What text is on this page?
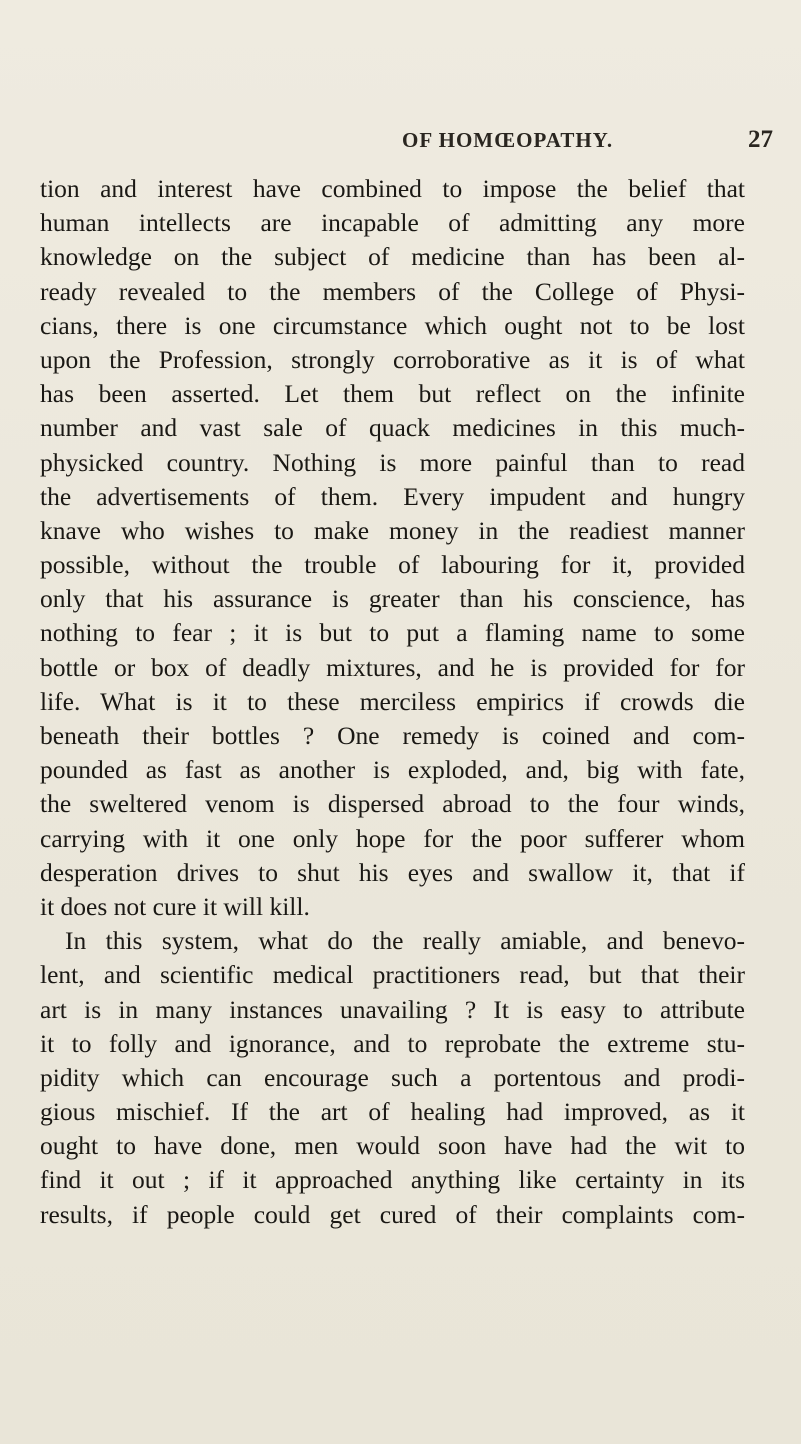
OF HOMŒOPATHY.	27
tion and interest have combined to impose the belief that
human intellects are incapable of admitting any more
knowledge on the subject of medicine than has been al-
ready revealed to the members of the College of Physi-
cians, there is one circumstance which ought not to be lost
upon the Profession, strongly corroborative as it is of what
has been asserted. Let them but reflect on the infinite
number and vast sale of quack medicines in this much-
physicked country. Nothing is more painful than to read
the advertisements of them. Every impudent and hungry
knave who wishes to make money in the readiest manner
possible, without the trouble of labouring for it, provided
only that his assurance is greater than his conscience, has
nothing to fear ; it is but to put a flaming name to some
bottle or box of deadly mixtures, and he is provided for for
life. What is it to these merciless empirics if crowds die
beneath their bottles ? One remedy is coined and com-
pounded as fast as another is exploded, and, big with fate,
the sweltered venom is dispersed abroad to the four winds,
carrying with it one only hope for the poor sufferer whom
desperation drives to shut his eyes and swallow it, that if
it does not cure it will kill.
In this system, what do the really amiable, and benevo-
lent, and scientific medical practitioners read, but that their
art is in many instances unavailing ? It is easy to attribute
it to folly and ignorance, and to reprobate the extreme stu-
pidity which can encourage such a portentous and prodi-
gious mischief. If the art of healing had improved, as it
ought to have done, men would soon have had the wit to
find it out ; if it approached anything like certainty in its
results, if people could get cured of their complaints com-
